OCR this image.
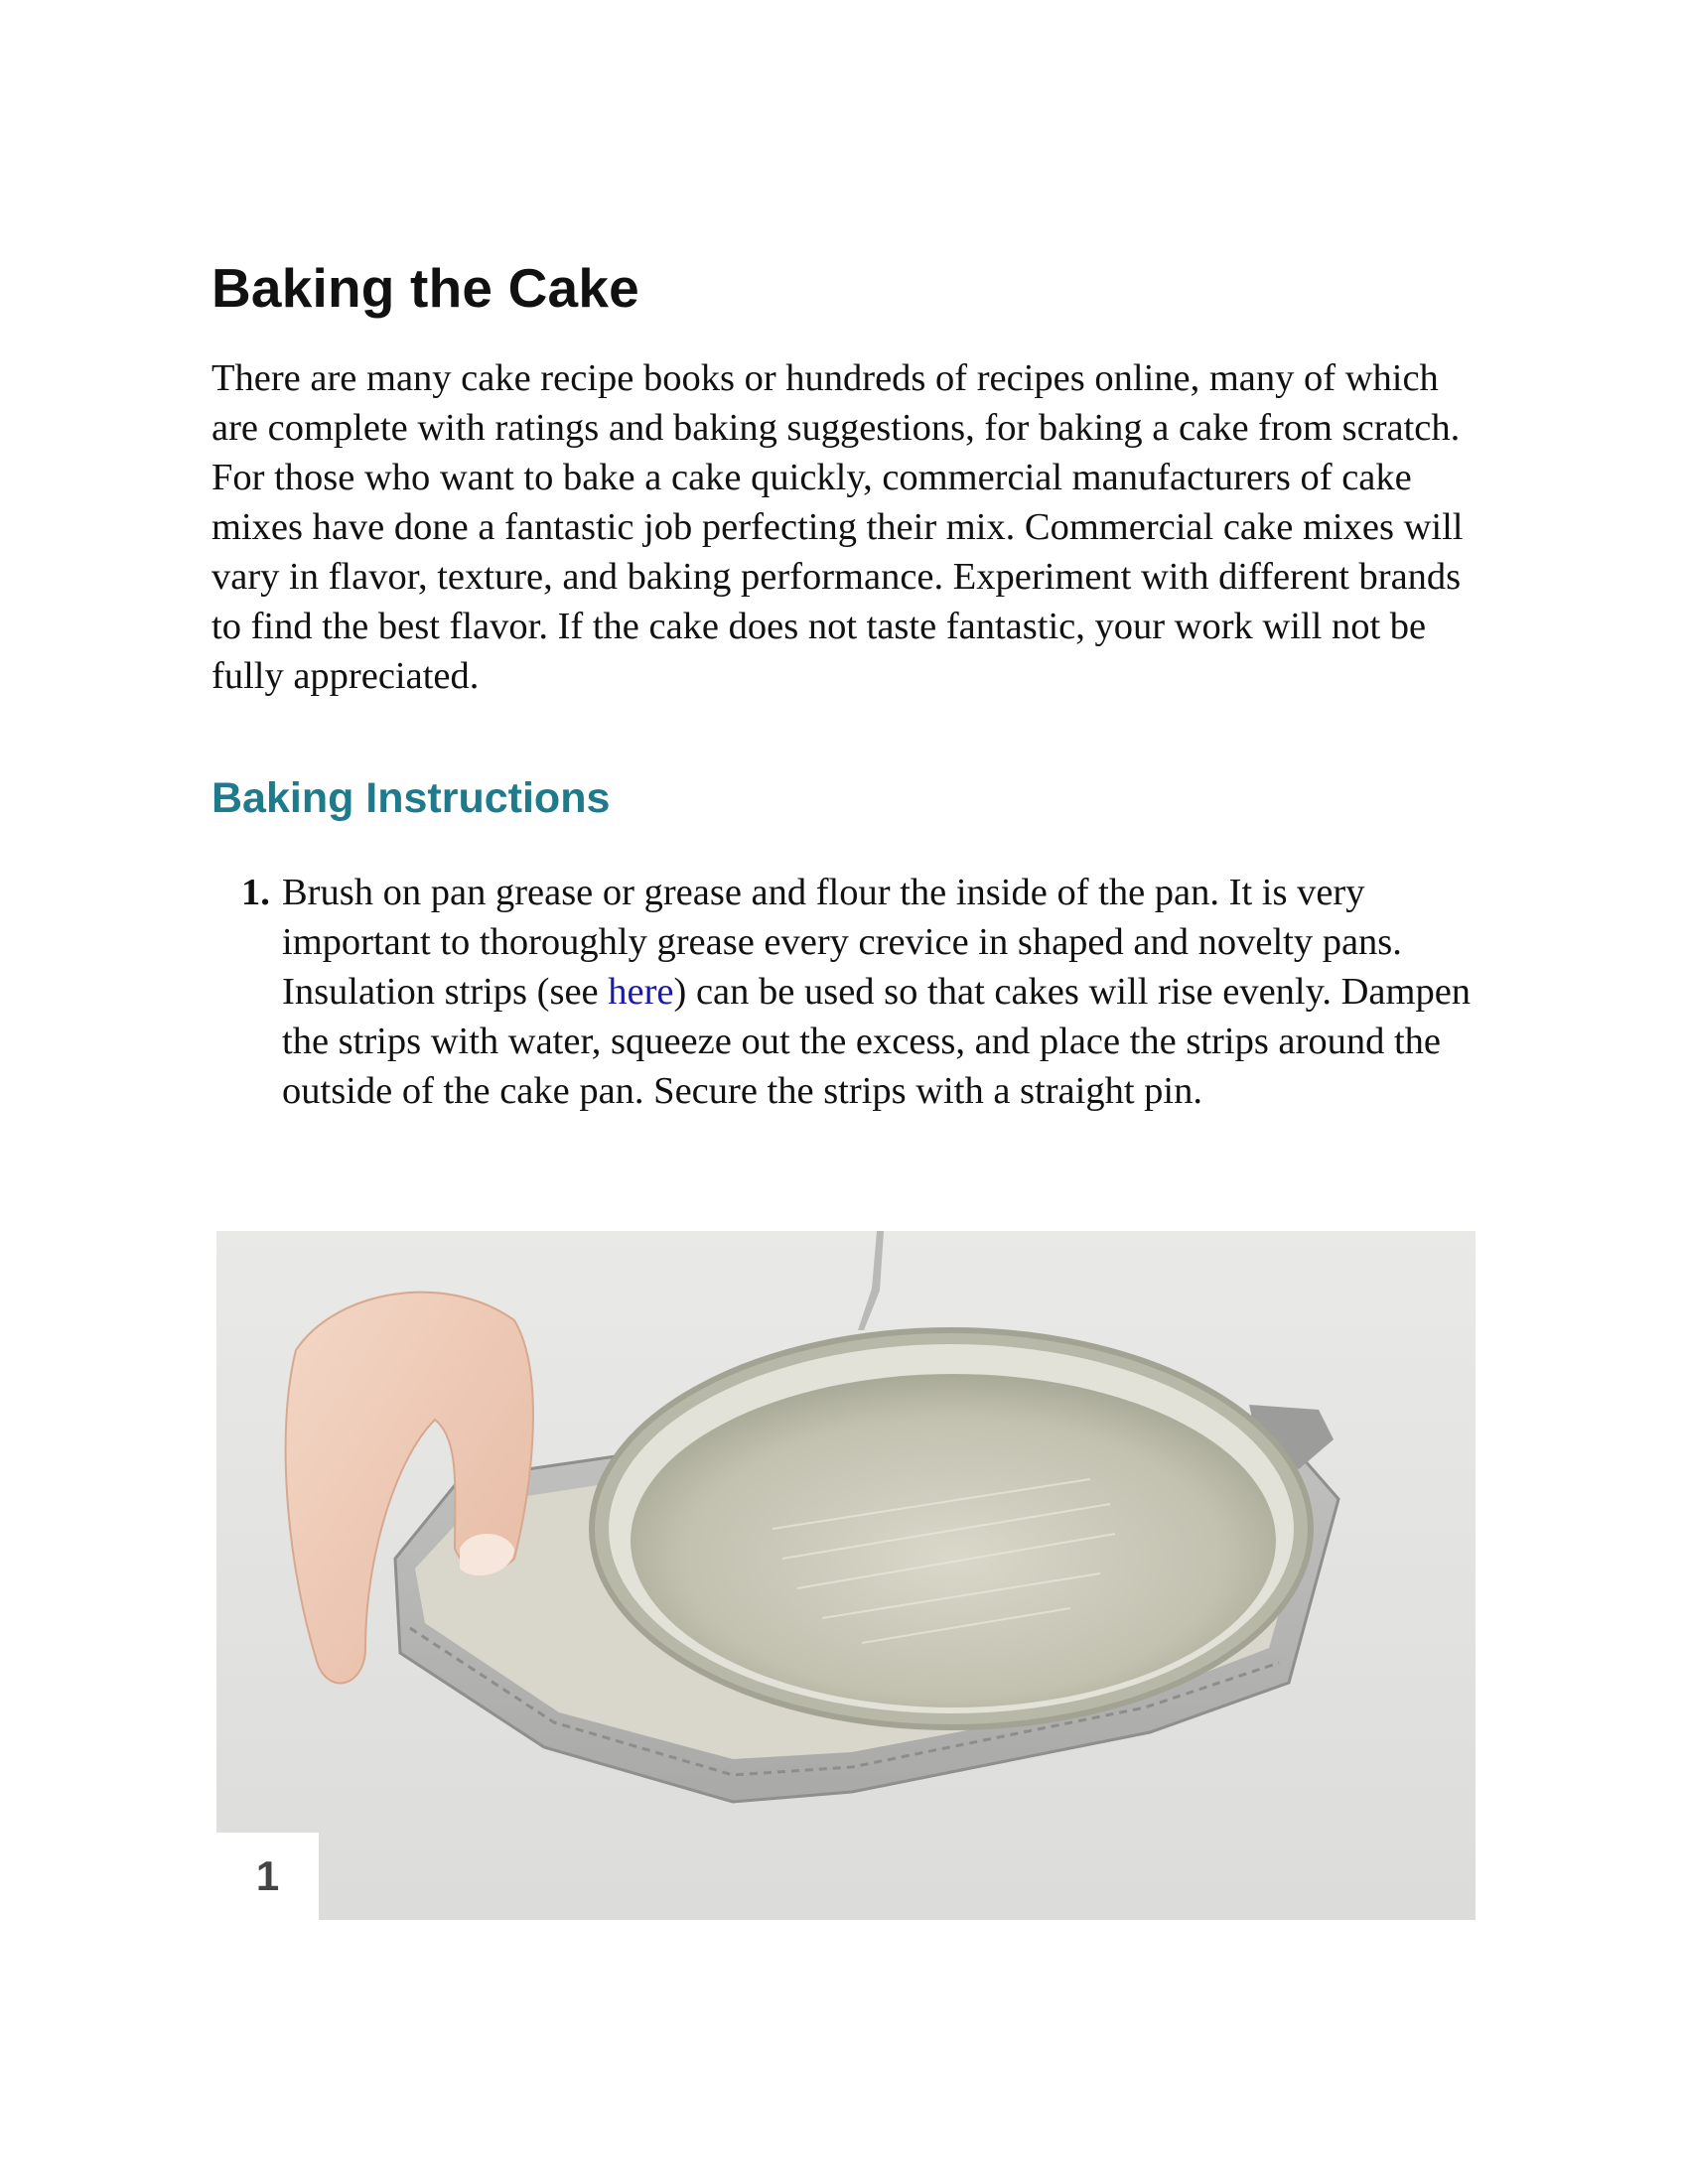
Baking the Cake

There are many cake recipe books or hundreds of recipes online, many of which are complete with ratings and baking suggestions, for baking a cake from scratch. For those who want to bake a cake quickly, commercial manufacturers of cake mixes have done a fantastic job perfecting their mix. Commercial cake mixes will vary in flavor, texture, and baking performance. Experiment with different brands to find the best flavor. If the cake does not taste fantastic, your work will not be fully appreciated.

Baking Instructions
1. Brush on pan grease or grease and flour the inside of the pan. It is very important to thoroughly grease every crevice in shaped and novelty pans. Insulation strips (see here) can be used so that cakes will rise evenly. Dampen the strips with water, squeeze out the excess, and place the strips around the outside of the cake pan. Secure the strips with a straight pin.

1
